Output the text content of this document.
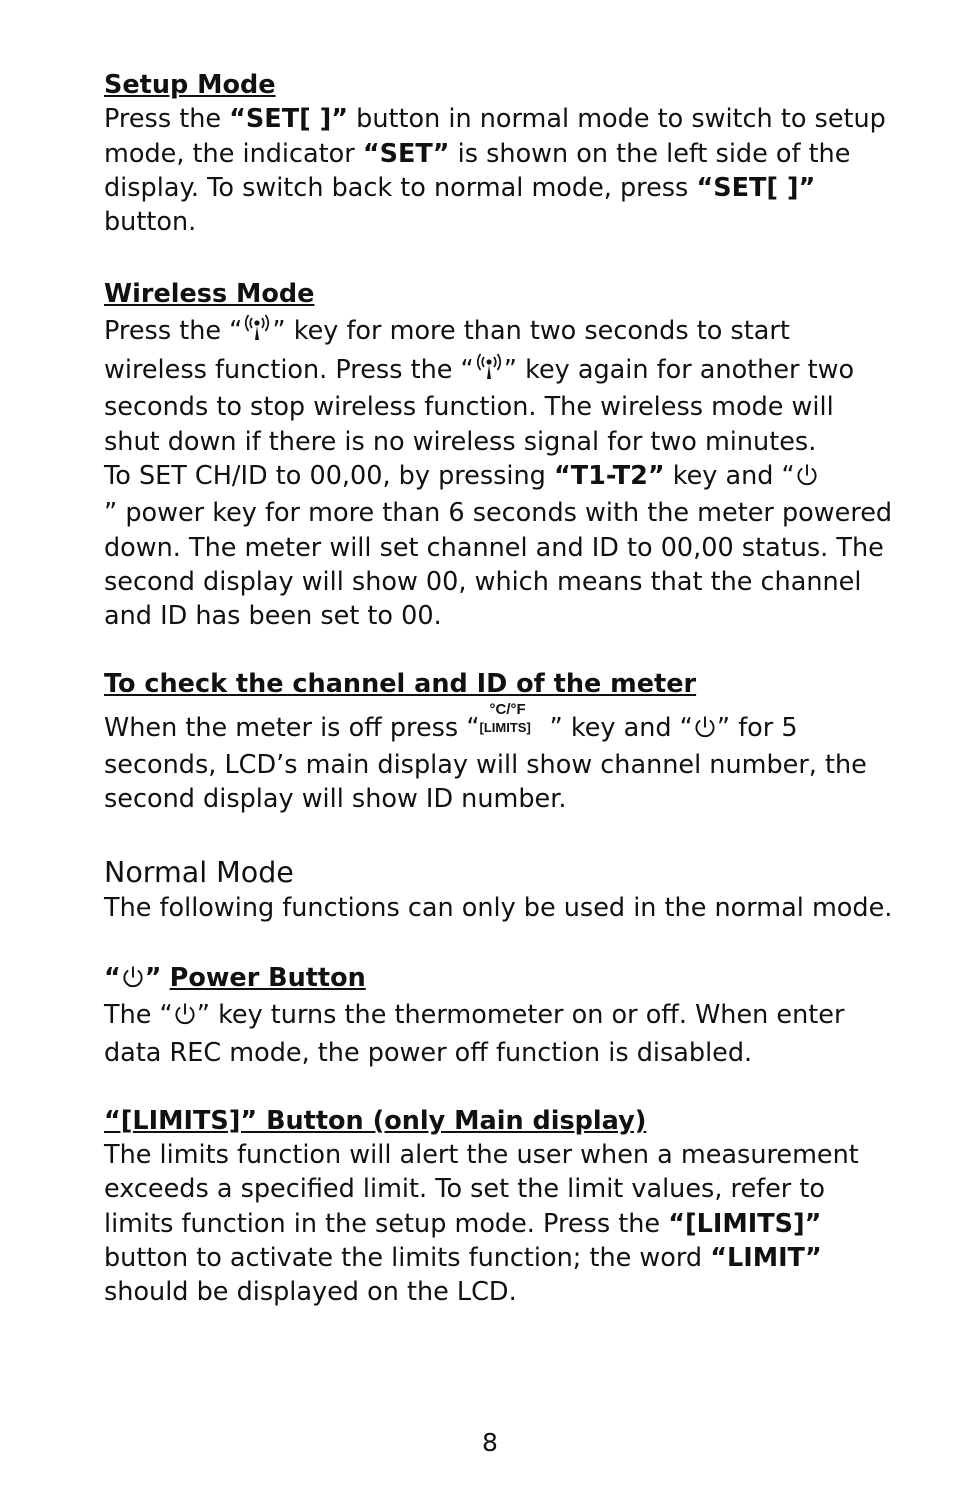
Setup Mode

Press the “SET[ ]” button in normal mode to switch to setup mode, the indicator “SET” is shown on the left side of the display. To switch back to normal mode, press “SET[ ]” button.

Wireless Mode

Press the “ ” key for more than two seconds to start wireless function. Press the “ ” key again for another two seconds to stop wireless function. The wireless mode will shut down if there is no wireless signal for two minutes.

To SET CH/ID to 00,00, by pressing “T1-T2” key and “
” power key for more than 6 seconds with the meter powered down. The meter will set channel and ID to 00,00 status. The second display will show 00, which means that the channel and ID has been set to 00.

To check the channel and ID of the meter

When the meter is off press “
°C/°F
[LIMITS] ” key and “ ” for 5 seconds, LCD’s main display will show channel number, the second display will show ID number.

Normal Mode

The following functions can only be used in the normal mode.

“ ” Power Button

The “ ” key turns the thermometer on or off. When enter data REC mode, the power off function is disabled.

“[LIMITS]” Button (only Main display)

The limits function will alert the user when a measurement exceeds a specified limit. To set the limit values, refer to limits function in the setup mode. Press the “[LIMITS]” button to activate the limits function; the word “LIMIT” should be displayed on the LCD.

8
